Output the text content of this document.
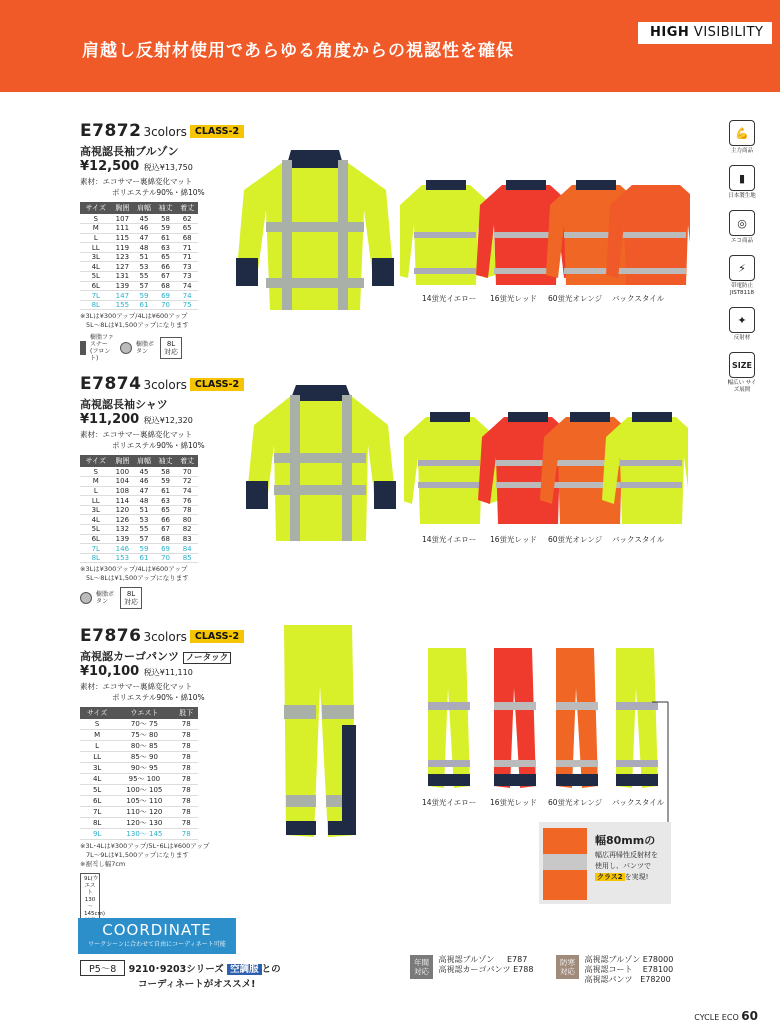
肩越し反射材使用であらゆる角度からの視認性を確保
HIGH VISIBILITY
E7872 3colors CLASS-2
高視認長袖ブルゾン
¥12,500 税込¥13,750
素材：エコサマー裏綿変化マット
ポリエステル90%・綿10%
サイズ	胸囲	肩幅	袖丈	着丈
S	107	45	58	62
M	111	46	59	65
L	115	47	61	68
LL	119	48	63	71
3L	123	51	65	71
4L	127	53	66	73
5L	131	55	67	73
6L	139	57	68	74
7L	147	59	69	74
8L	155	61	70	75
※3Lは¥300アップ/4Lは¥600アップ
5L～8Lは¥1,500アップになります
樹脂ファスナー(フロント)
樹脂ボタン
8L対応
E7874 3colors CLASS-2
高視認長袖シャツ
¥11,200 税込¥12,320
素材：エコサマー裏綿変化マット
ポリエステル90%・綿10%
サイズ	胸囲	肩幅	袖丈	着丈
S	100	45	58	70
M	104	46	59	72
L	108	47	61	74
LL	114	48	63	76
3L	120	51	65	78
4L	126	53	66	80
5L	132	55	67	82
6L	139	57	68	83
7L	146	59	69	84
8L	153	61	70	85
※3Lは¥300アップ/4Lは¥600アップ
5L～8Lは¥1,500アップになります
樹脂ボタン
8L対応
E7876 3colors CLASS-2
高視認カーゴパンツ ノータック
¥10,100 税込¥11,110
素材：エコサマー裏綿変化マット
ポリエステル90%・綿10%
サイズ	ウエスト	股下
S	70～ 75	78
M	75～ 80	78
L	80～ 85	78
LL	85～ 90	78
3L	90～ 95	78
4L	95～ 100	78
5L	100～ 105	78
6L	105～ 110	78
7L	110～ 120	78
8L	120～ 130	78
9L	130～ 145	78
※3L･4Lは¥300アップ/5L･6Lは¥600アップ
7L～9Lは¥1,500アップになります
※裾직し幅7cm
9L(ウエスト130～145cm)
14蛍光イエロー 16蛍光レッド 60蛍光オレンジ バックスタイル
14蛍光イエロー 16蛍光レッド 60蛍光オレンジ バックスタイル
14蛍光イエロー 16蛍光レッド 60蛍光オレンジ バックスタイル
幅80mmの
幅広再帰性反射材を
使用し、パンツで
クラス2 を実現!
💪
主力商品
▮
日本製生地
◎
エコ商品
⚡
帯電防止 JIST8118
✦
反射材
SIZE
幅広い サイズ展開
COORDINATE
ワークシーンに合わせて自由にコーディネート可能
P5～8 9210･9203シリーズ 空調服 との
コーディネートがオススメ!
年間
対応 高視認ブルゾン E787
高視認カーゴパンツ E788
防寒
対応 高視認ブルゾン E78000
高視認コート E78100
高視認パンツ E78200
CYCLE ECO 60
